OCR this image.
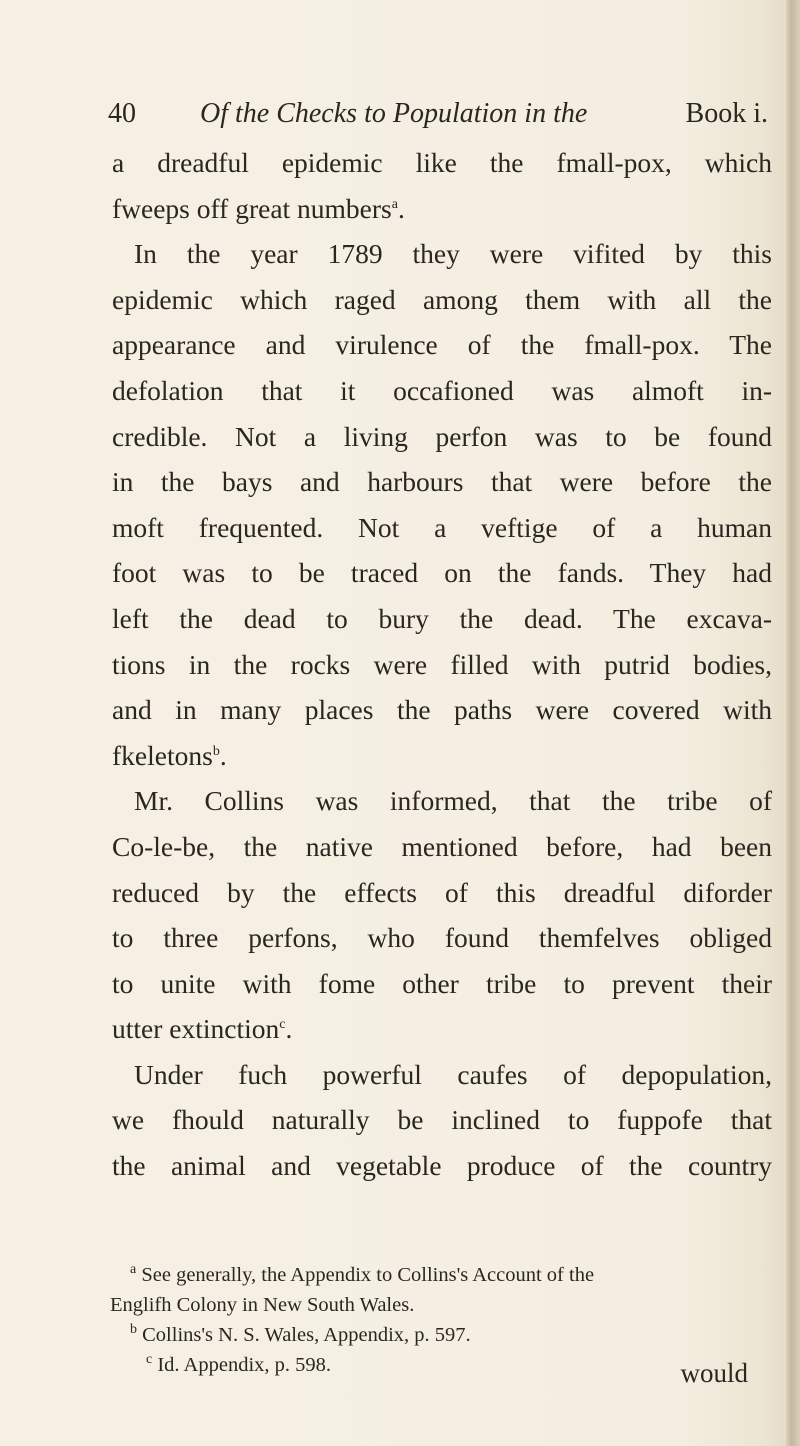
40 Of the Checks to Population in the	Book i.
a dreadful epidemic like the fmall-pox, which
fweeps off great numbers$^a$.
In the year 1789 they were vifited by this
epidemic which raged among them with all the
appearance and virulence of the fmall-pox. The
defolation that it occafioned was almoft in-
credible. Not a living perfon was to be found
in the bays and harbours that were before the
moft frequented. Not a veftige of a human
foot was to be traced on the fands. They had
left the dead to bury the dead. The excava-
tions in the rocks were filled with putrid bodies,
and in many places the paths were covered with
fkeletons$^b$.
Mr. Collins was informed, that the tribe of
Co-le-be, the native mentioned before, had been
reduced by the effects of this dreadful diforder
to three perfons, who found themfelves obliged
to unite with fome other tribe to prevent their
utter extinction$^c$.
Under fuch powerful caufes of depopulation,
we fhould naturally be inclined to fuppofe that
the animal and vegetable produce of the country
$^a$ See generally, the Appendix to Collins's Account of the
Englifh Colony in New South Wales.
$^b$ Collins's N. S. Wales, Appendix, p. 597.
$^c$ Id. Appendix, p. 598.	would
